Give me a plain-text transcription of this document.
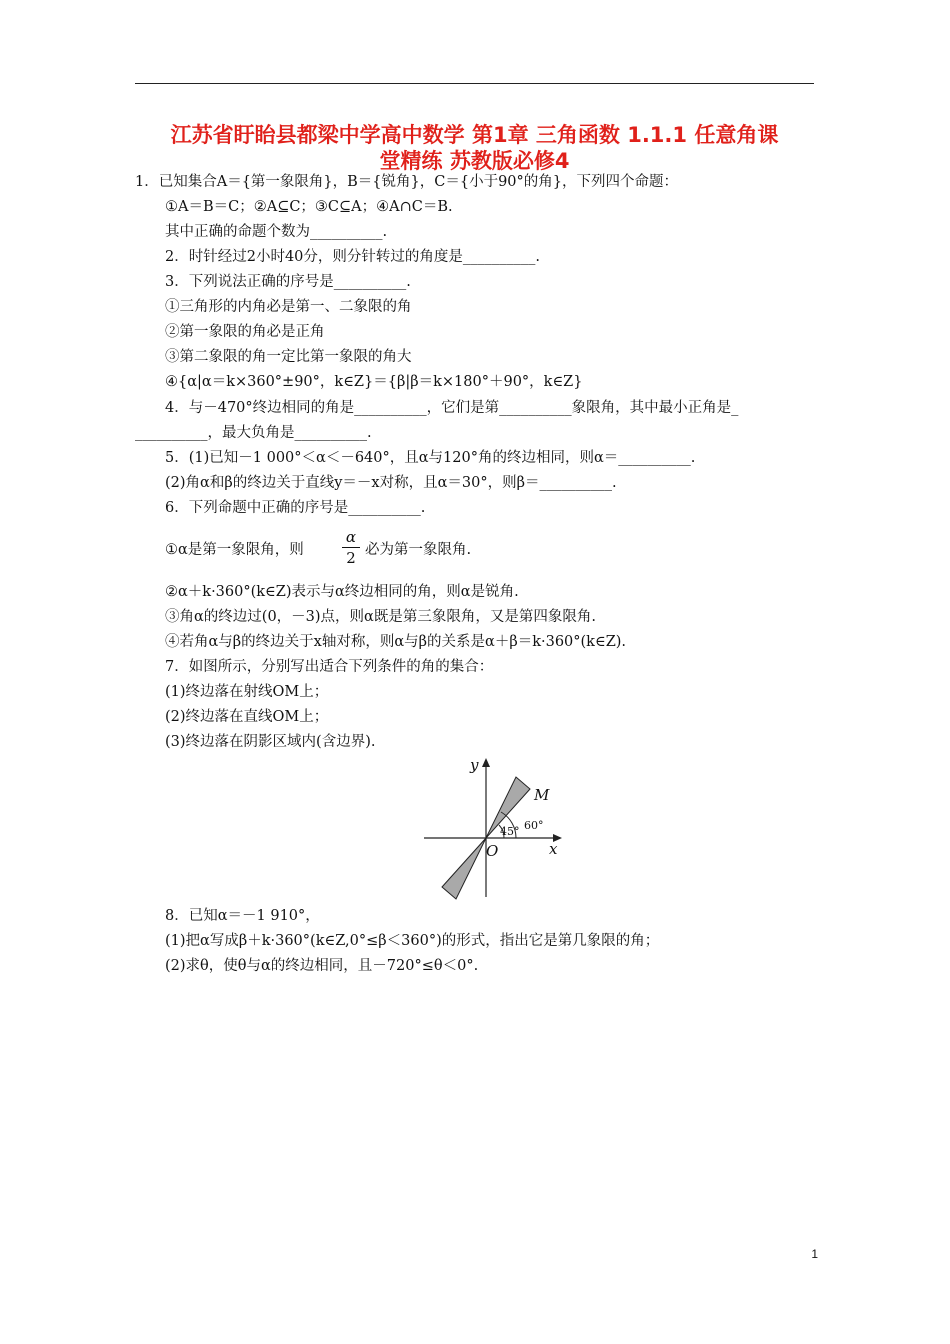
江苏省盱眙县都梁中学高中数学 第1章 三角函数 1.1.1 任意角课
堂精练 苏教版必修4
1．已知集合A＝{第一象限角}，B＝{锐角}，C＝{小于90°的角}，下列四个命题：
①A＝B＝C；②A⊆C；③C⊆A；④A∩C＝B.
其中正确的命题个数为__________.
2．时针经过2小时40分，则分针转过的角度是__________.
3．下列说法正确的序号是__________.
①三角形的内角必是第一、二象限的角
②第一象限的角必是正角
③第二象限的角一定比第一象限的角大
④{α|α＝k×360°±90°，k∈Z}＝{β|β＝k×180°＋90°，k∈Z}
4．与－470°终边相同的角是__________，它们是第__________象限角，其中最小正角是_
__________，最大负角是__________.
5．(1)已知－1 000°＜α＜－640°，且α与120°角的终边相同，则α＝__________.
(2)角α和β的终边关于直线y＝－x对称，且α＝30°，则β＝__________.
6．下列命题中正确的序号是__________.
①α是第一象限角，则
α
2 必为第一象限角.
②α＋k·360°(k∈Z)表示与α终边相同的角，则α是锐角.
③角α的终边过(0，－3)点，则α既是第三象限角，又是第四象限角.
④若角α与β的终边关于x轴对称，则α与β的关系是α＋β＝k·360°(k∈Z).
7．如图所示，分别写出适合下列条件的角的集合：
(1)终边落在射线OM上；
(2)终边落在直线OM上；
(3)终边落在阴影区域内(含边界).
y
x
O
M
45° 60°
8．已知α＝－1 910°，
(1)把α写成β＋k·360°(k∈Z,0°≤β＜360°)的形式，指出它是第几象限的角；
(2)求θ，使θ与α的终边相同，且－720°≤θ＜0°.
1
